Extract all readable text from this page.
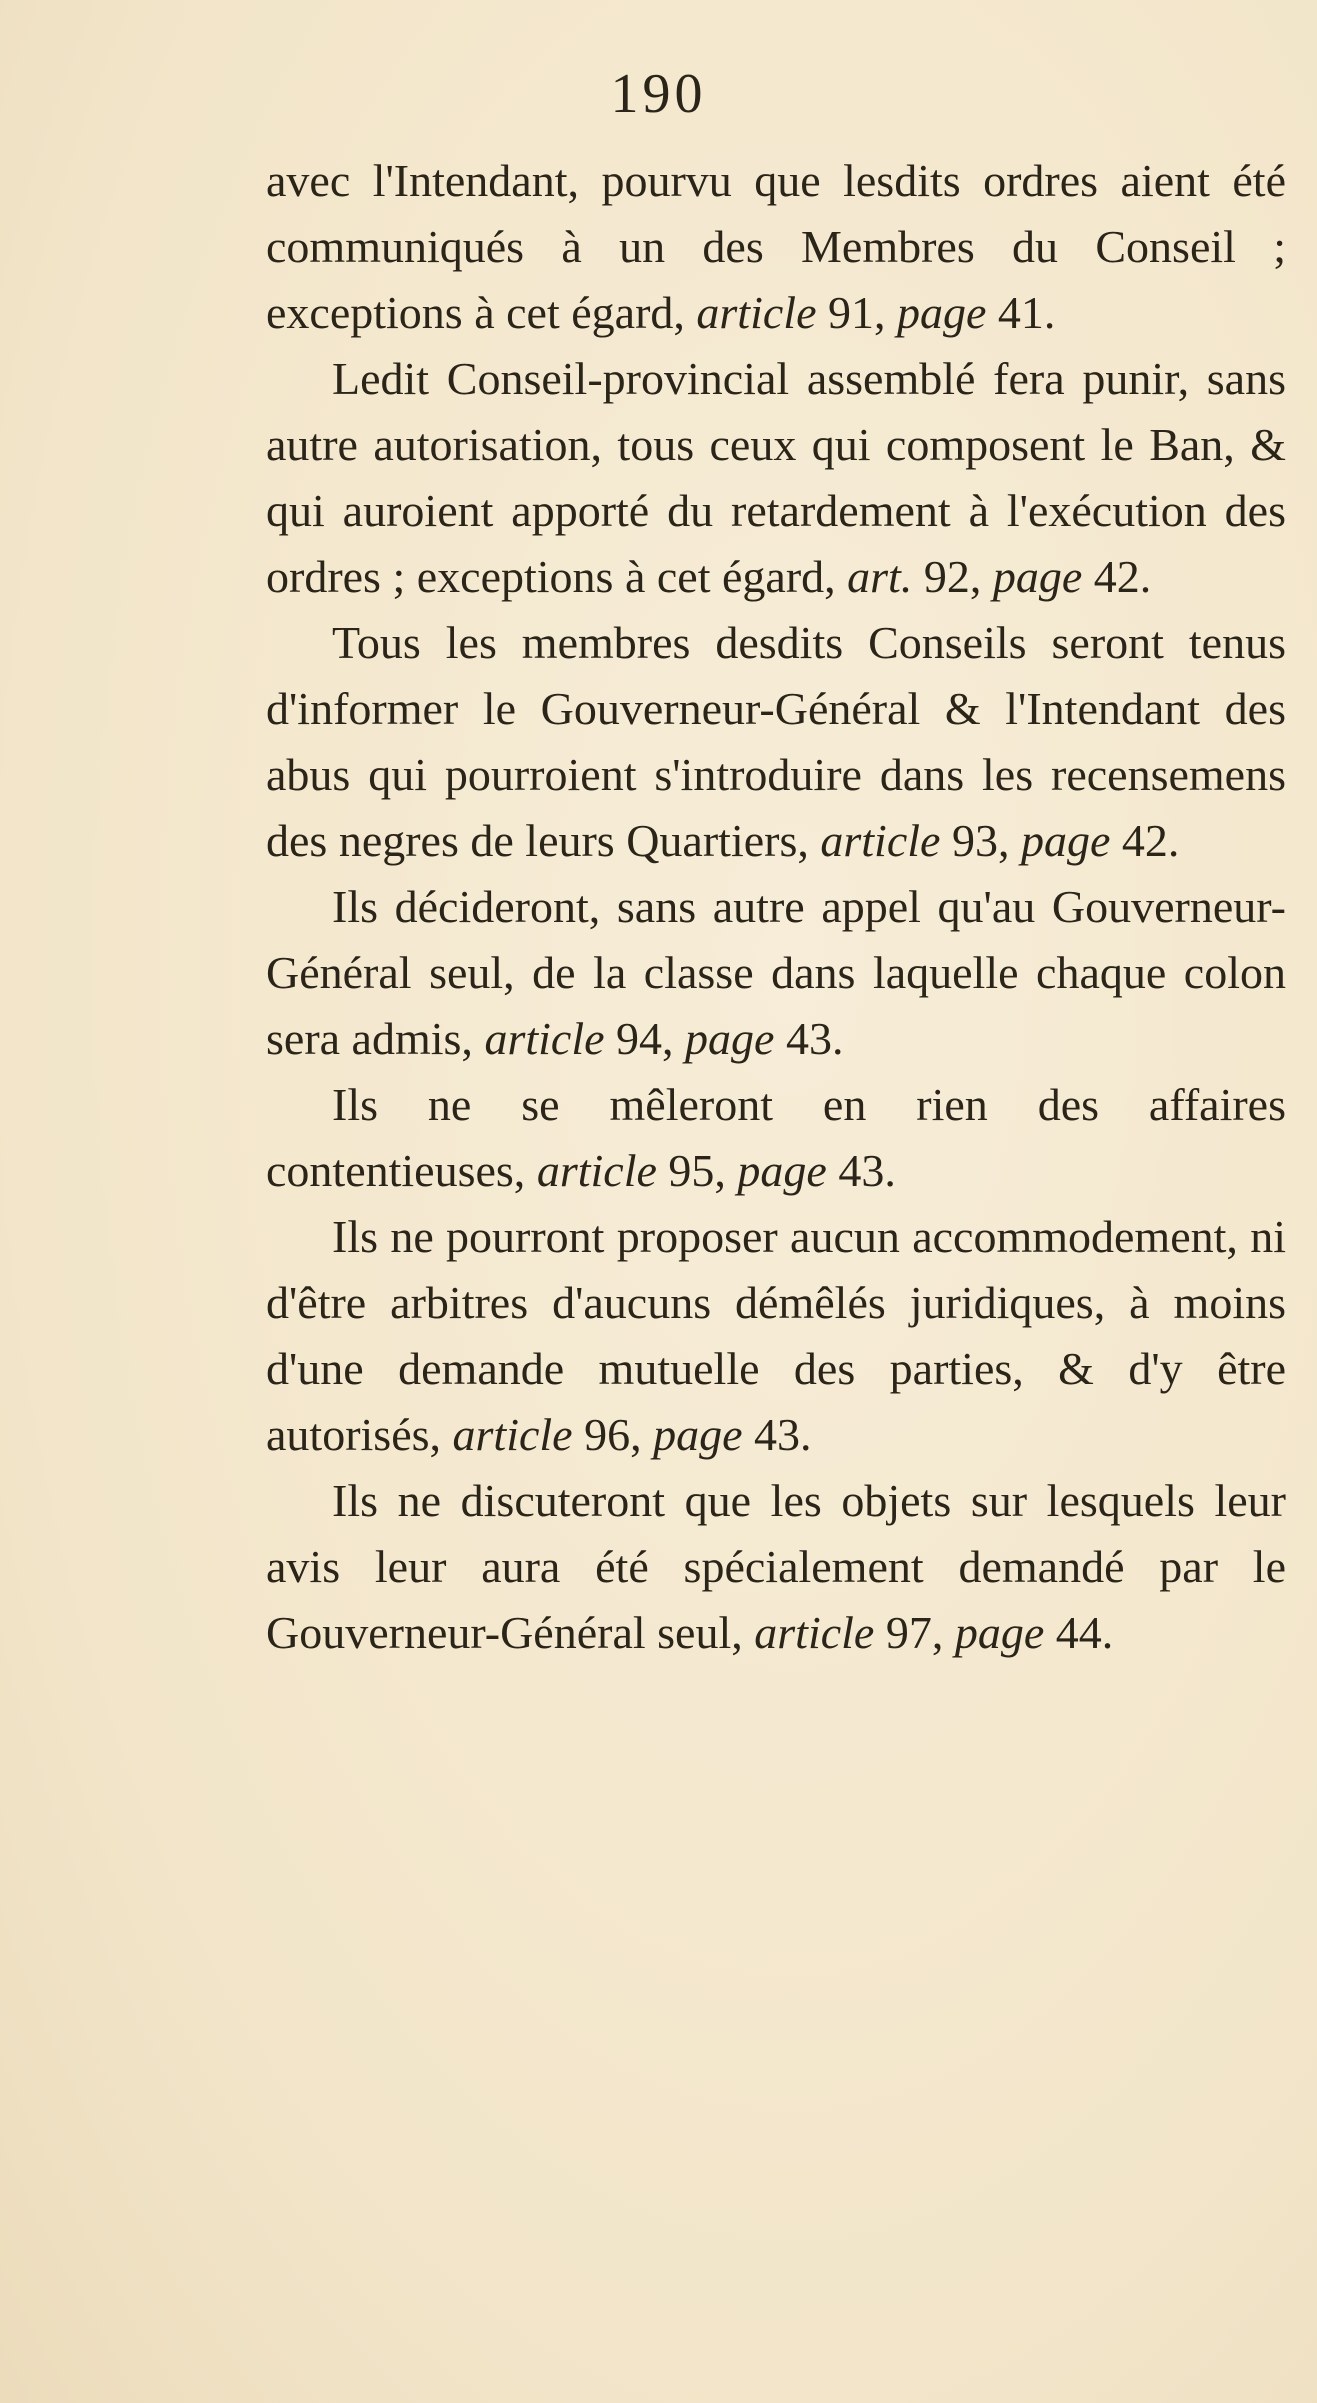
190

avec l'Intendant, pourvu que lesdits ordres aient été communiqués à un des Membres du Conseil ; exceptions à cet égard, article 91, page 41.

Ledit Conseil-provincial assemblé fera punir, sans autre autorisation, tous ceux qui composent le Ban, & qui auroient apporté du retardement à l'exécution des ordres ; exceptions à cet égard, art. 92, page 42.

Tous les membres desdits Conseils seront tenus d'informer le Gouverneur-Général & l'Intendant des abus qui pourroient s'introduire dans les recensemens des negres de leurs Quartiers, article 93, page 42.

Ils décideront, sans autre appel qu'au Gouverneur-Général seul, de la classe dans laquelle chaque colon sera admis, article 94, page 43.

Ils ne se mêleront en rien des affaires contentieuses, article 95, page 43.

Ils ne pourront proposer aucun accommodement, ni d'être arbitres d'aucuns démêlés juridiques, à moins d'une demande mutuelle des parties, & d'y être autorisés, article 96, page 43.

Ils ne discuteront que les objets sur lesquels leur avis leur aura été spécialement demandé par le Gouverneur-Général seul, article 97, page 44.
